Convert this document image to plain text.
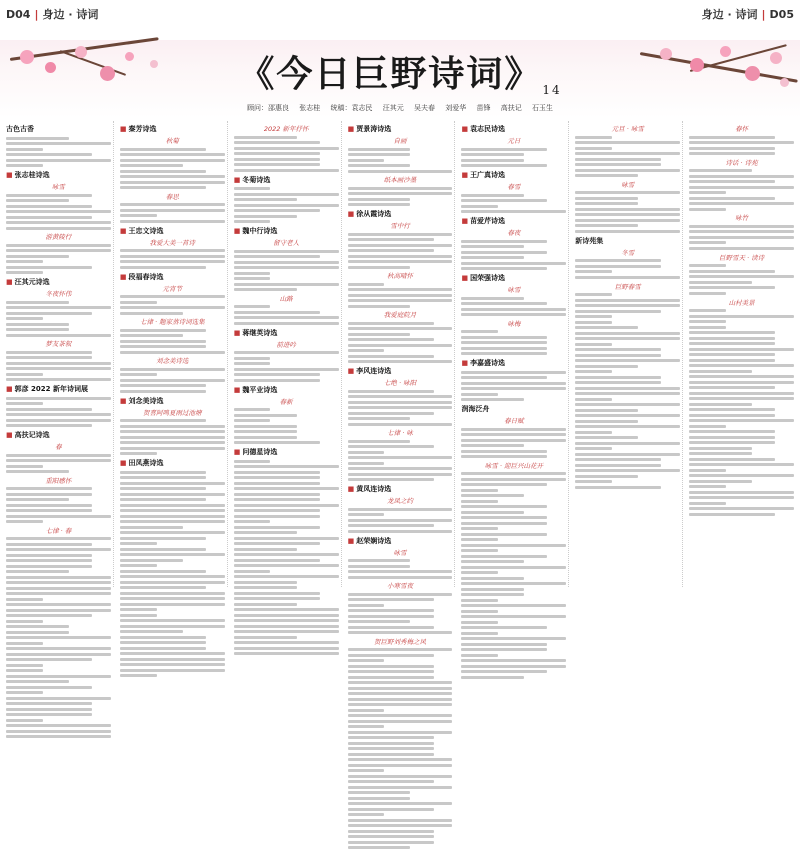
D04 | 身边 · 诗词	身边 · 诗词 | D05
《今日巨野诗词》$_{14}$
顾问：邵惠良 张志桂 统稿：袁志民 汪其元 吴夫春 刘爱华 苗锋 高扶记 石玉生
古色古香
■ 张志桂诗选
咏雪
游黄陵行
■ 汪其元诗选
冬夜怀伟
梦友茶叙
■ 郭彦 2022 新年诗词展
■ 高扶记诗选
春
重阳感怀
七律 · 春
■ 秦芳诗选
秋菊
春思
■ 王忠文诗选
我爱大美一首诗
■ 段福春诗选
元宵节
七律 · 题家蒸诗词选集
刘念美诗选
■ 刘念美诗选
贺喜阿鸣夏雨过池塘
■ 田凤燕诗选
2022 新年抒怀
■ 冬菊诗选
■ 魏中行诗选
留守老人
山路
■ 蒋继英诗选
前进吟
■ 魏平业诗选
春新
■ 问德星诗选
■ 贾景涛诗选
自画
纸本画沙墨
■ 徐从霞诗选
雪中行
秋高晴怀
我爱庭院月
■ 李风连诗选
七绝 · 咏阳
七律 · 咏
■ 黄凤连诗选
龙凤之约
■ 赵荣娴诗选
咏雪
小寒雪夜
贺巨野刘秀梅之风
■ 袁志民诗选
元日
■ 王广真诗选
春雪
■ 苗爱芹诗选
春夜
■ 国荣强诗选
咏雪
咏梅
■ 李嘉盛诗选
润海泛舟
春日赋
咏雪 · 迎巨兴山花开
元旦 · 咏雪
咏雪
新诗苑集
冬雪
巨野春雪
春怀
诗话 · 诗苑
咏竹
巨野雪天 · 读诗
山村美景
